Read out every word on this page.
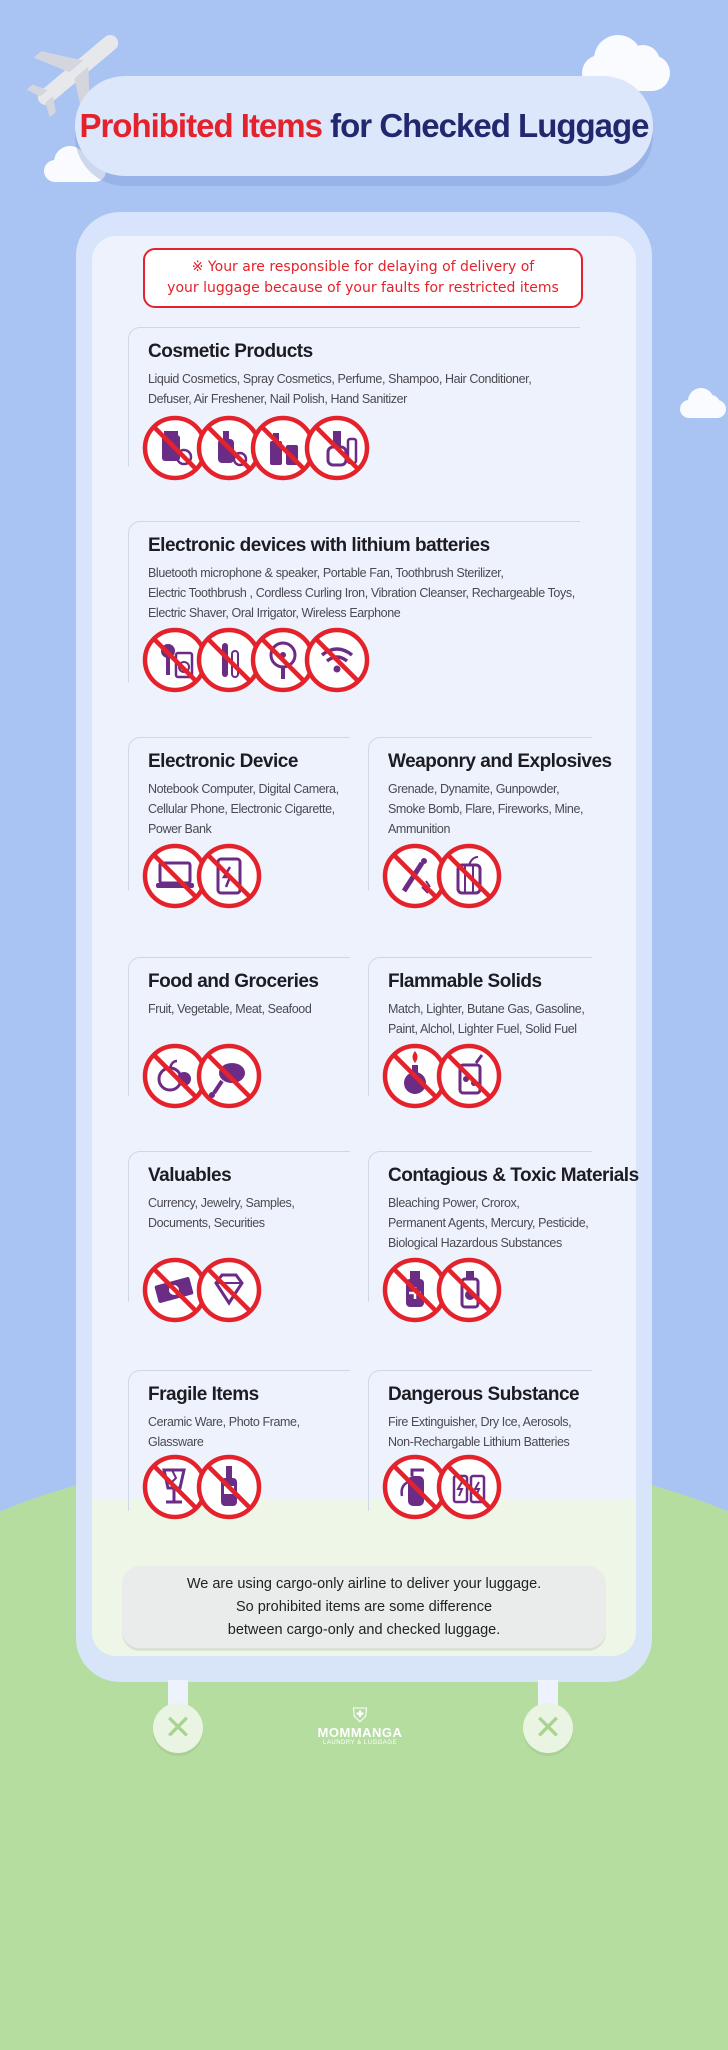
Prohibited Items for Checked Luggage
※ Your are responsible for delaying of delivery of
your luggage because of your faults for restricted items
Cosmetic Products

Liquid Cosmetics, Spray Cosmetics, Perfume, Shampoo, Hair Conditioner,
Defuser, Air Freshener, Nail Polish, Hand Sanitizer

Electronic devices with lithium batteries

Bluetooth microphone & speaker, Portable Fan, Toothbrush Sterilizer,
Electric Toothbrush , Cordless Curling Iron, Vibration Cleanser, Rechargeable Toys,
Electric Shaver, Oral Irrigator, Wireless Earphone

Electronic Device

Notebook Computer, Digital Camera,
Cellular Phone, Electronic Cigarette,
Power Bank

Weaponry and Explosives

Grenade, Dynamite, Gunpowder,
Smoke Bomb, Flare, Fireworks, Mine,
Ammunition

Food and Groceries

Fruit, Vegetable, Meat, Seafood

Flammable Solids

Match, Lighter, Butane Gas, Gasoline,
Paint, Alchol, Lighter Fuel, Solid Fuel

Valuables

Currency, Jewelry, Samples,
Documents, Securities

Contagious & Toxic Materials

Bleaching Power, Crorox,
Permanent Agents, Mercury, Pesticide,
Biological Hazardous Substances

Fragile Items

Ceramic Ware, Photo Frame,
Glassware

Dangerous Substance

Fire Extinguisher, Dry Ice, Aerosols,
Non-Rechargable Lithium Batteries

We are using cargo-only airline to deliver your luggage.
So prohibited items are some difference
between cargo-only and checked luggage.
✕	✕
⛨
MOMMANGA
LAUNDRY & LUGGAGE
